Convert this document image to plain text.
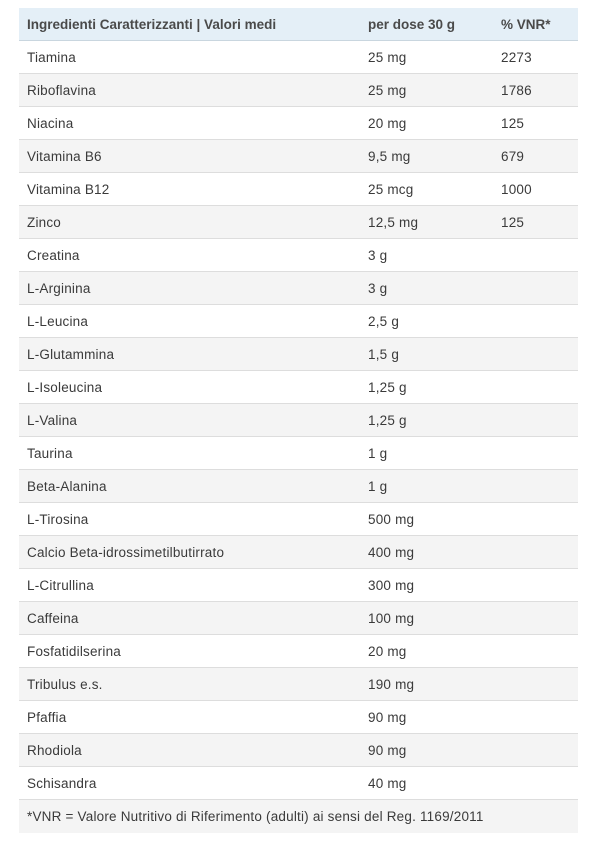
Ingredienti Caratterizzanti | Valori medi	per dose 30 g	% VNR*
Tiamina	25 mg	2273
Riboflavina	25 mg	1786
Niacina	20 mg	125
Vitamina B6	9,5 mg	679
Vitamina B12	25 mcg	1000
Zinco	12,5 mg	125
Creatina	3 g	
L-Arginina	3 g	
L-Leucina	2,5 g	
L-Glutammina	1,5 g	
L-Isoleucina	1,25 g	
L-Valina	1,25 g	
Taurina	1 g	
Beta-Alanina	1 g	
L-Tirosina	500 mg	
Calcio Beta-idrossimetilbutirrato	400 mg	
L-Citrullina	300 mg	
Caffeina	100 mg	
Fosfatidilserina	20 mg	
Tribulus e.s.	190 mg	
Pfaffia	90 mg	
Rhodiola	90 mg	
Schisandra	40 mg	
*VNR = Valore Nutritivo di Riferimento (adulti) ai sensi del Reg. 1169/2011		
